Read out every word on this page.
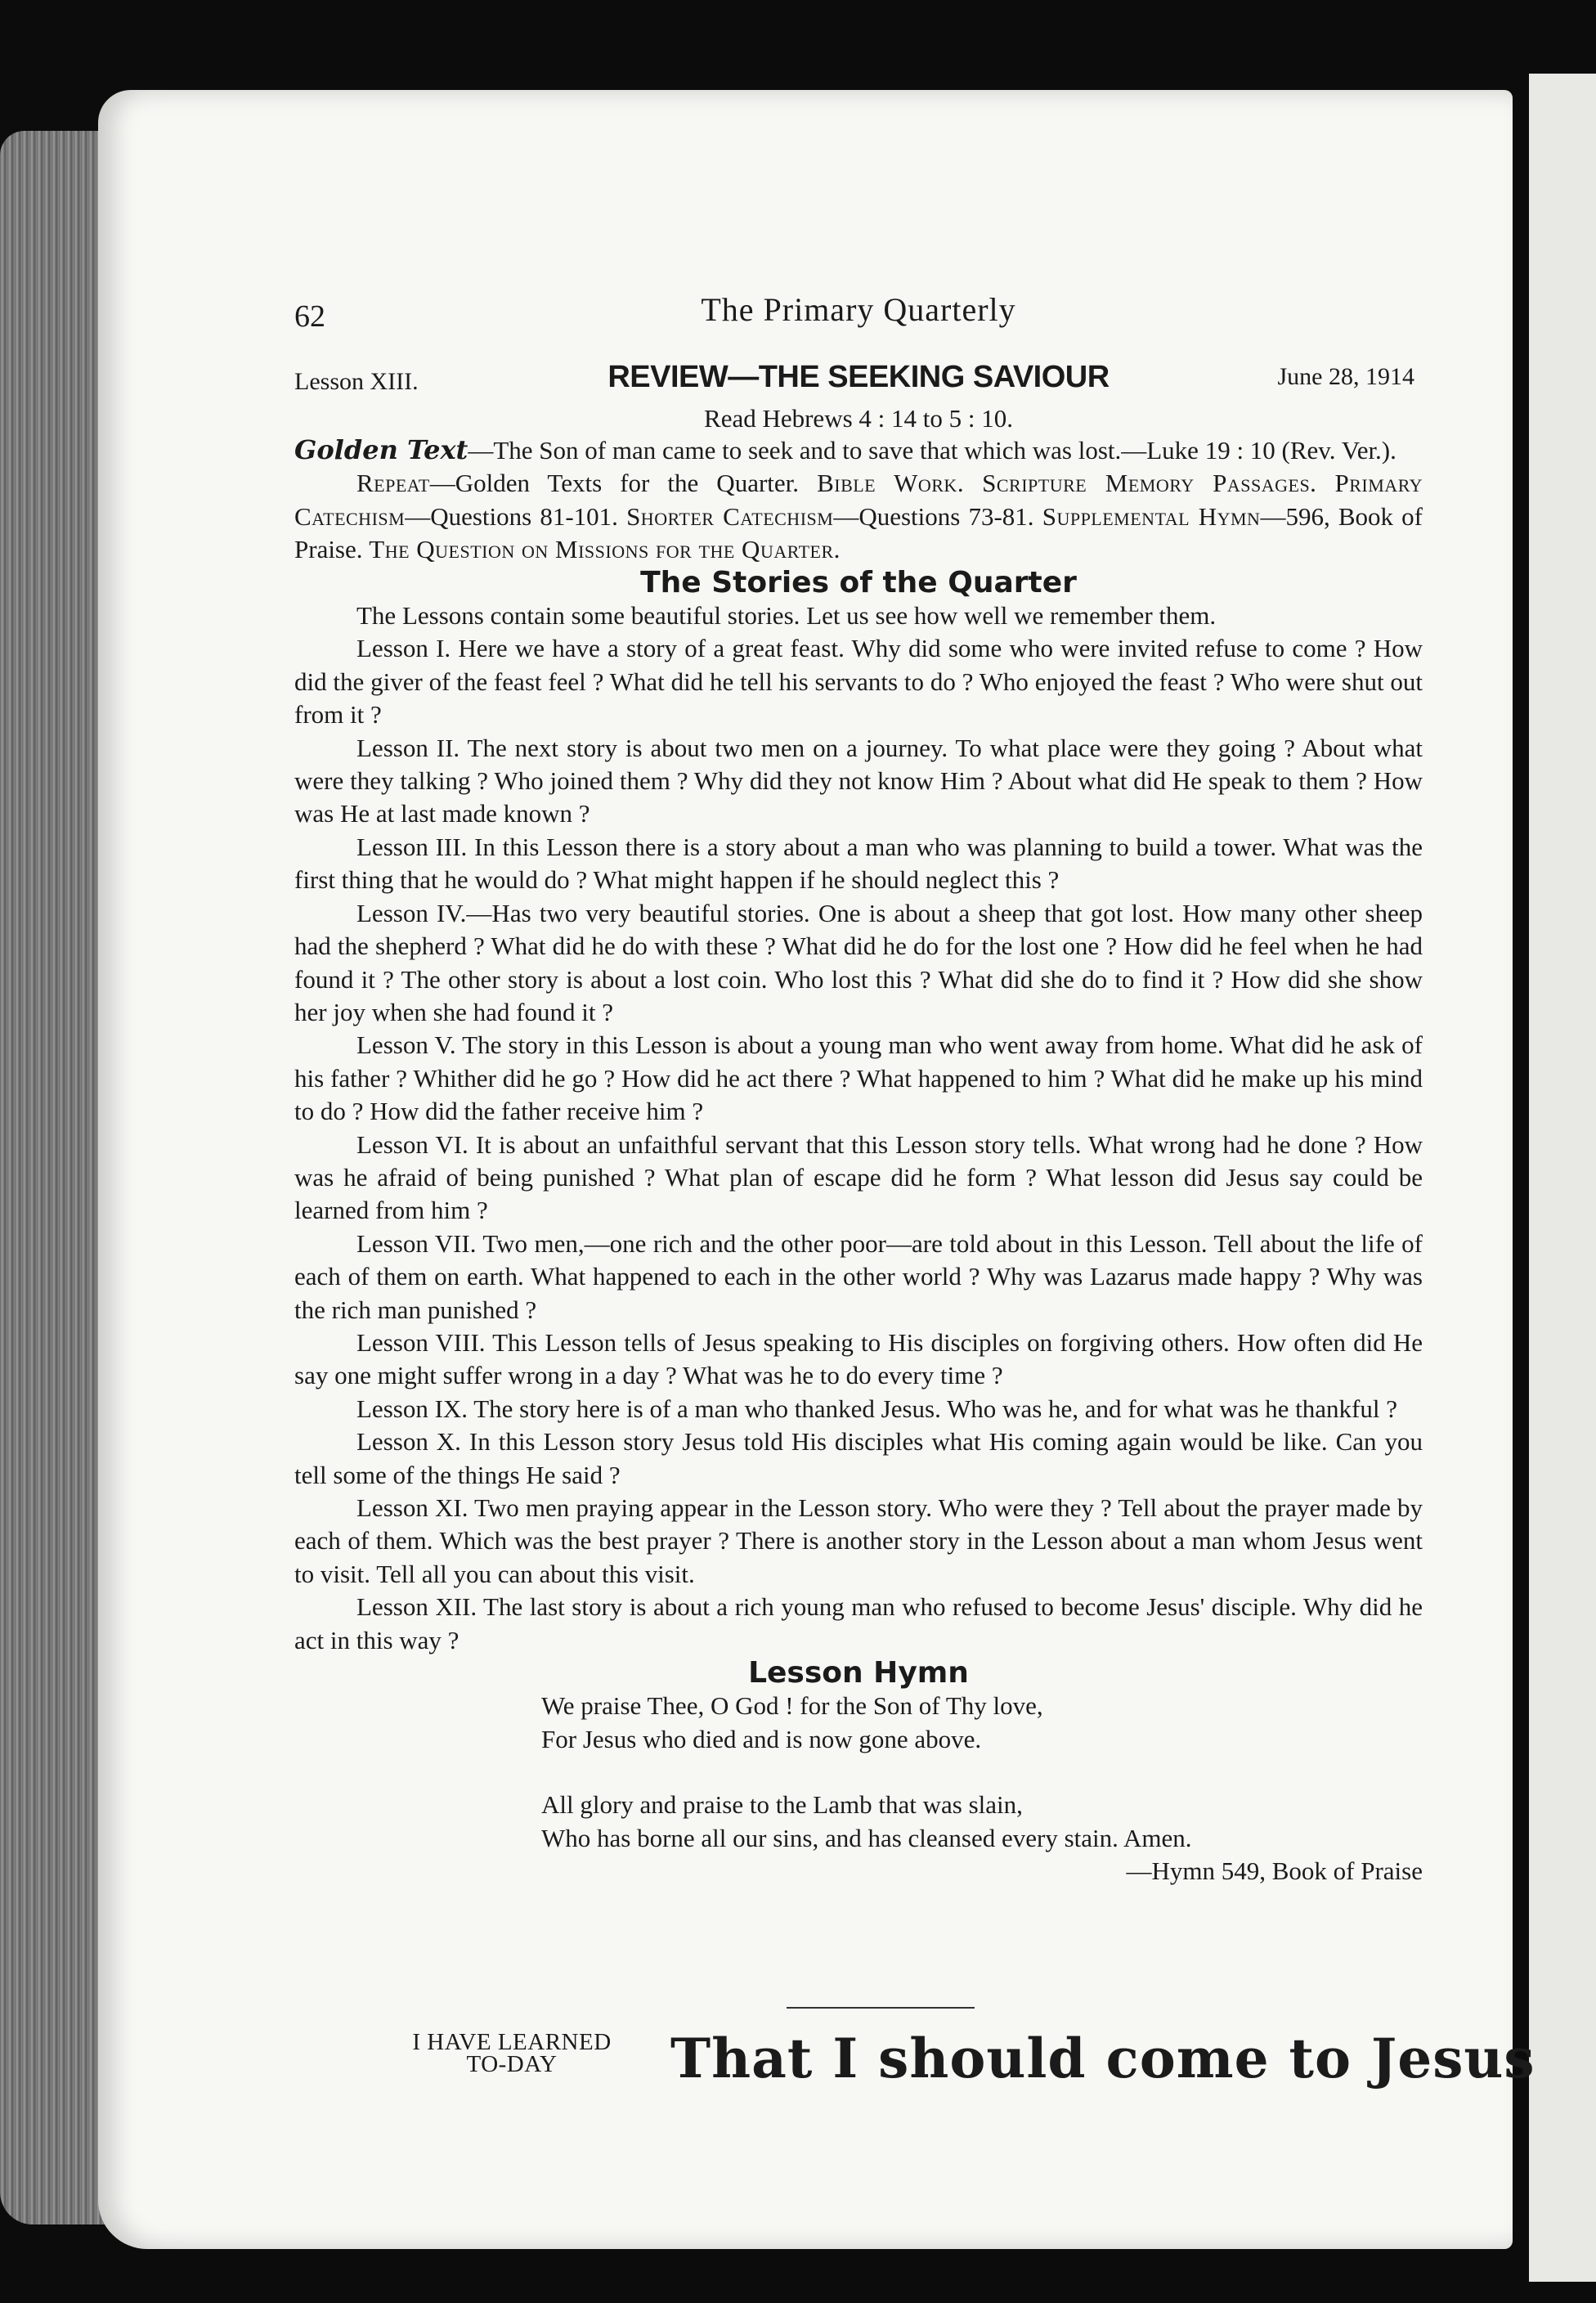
62	The Primary Quarterly
Lesson XIII.	REVIEW—THE SEEKING SAVIOUR	June 28, 1914
Read Hebrews 4 : 14 to 5 : 10.

Golden Text—The Son of man came to seek and to save that which was lost.—Luke 19 : 10 (Rev. Ver.).

Repeat—Golden Texts for the Quarter. Bible Work. Scripture Memory Passages. Primary Catechism—Questions 81-101. Shorter Catechism—Questions 73-81. Supplemental Hymn—596, Book of Praise. The Question on Missions for the Quarter.

The Stories of the Quarter

The Lessons contain some beautiful stories. Let us see how well we remember them.

Lesson I. Here we have a story of a great feast. Why did some who were invited refuse to come ? How did the giver of the feast feel ? What did he tell his servants to do ? Who enjoyed the feast ? Who were shut out from it ?

Lesson II. The next story is about two men on a journey. To what place were they going ? About what were they talking ? Who joined them ? Why did they not know Him ? About what did He speak to them ? How was He at last made known ?

Lesson III. In this Lesson there is a story about a man who was planning to build a tower. What was the first thing that he would do ? What might happen if he should neglect this ?

Lesson IV.—Has two very beautiful stories. One is about a sheep that got lost. How many other sheep had the shepherd ? What did he do with these ? What did he do for the lost one ? How did he feel when he had found it ? The other story is about a lost coin. Who lost this ? What did she do to find it ? How did she show her joy when she had found it ?

Lesson V. The story in this Lesson is about a young man who went away from home. What did he ask of his father ? Whither did he go ? How did he act there ? What happened to him ? What did he make up his mind to do ? How did the father receive him ?

Lesson VI. It is about an unfaithful servant that this Lesson story tells. What wrong had he done ? How was he afraid of being punished ? What plan of escape did he form ? What lesson did Jesus say could be learned from him ?

Lesson VII. Two men,—one rich and the other poor—are told about in this Lesson. Tell about the life of each of them on earth. What happened to each in the other world ? Why was Lazarus made happy ? Why was the rich man punished ?

Lesson VIII. This Lesson tells of Jesus speaking to His disciples on forgiving others. How often did He say one might suffer wrong in a day ? What was he to do every time ?

Lesson IX. The story here is of a man who thanked Jesus. Who was he, and for what was he thankful ?

Lesson X. In this Lesson story Jesus told His disciples what His coming again would be like. Can you tell some of the things He said ?

Lesson XI. Two men praying appear in the Lesson story. Who were they ? Tell about the prayer made by each of them. Which was the best prayer ? There is another story in the Lesson about a man whom Jesus went to visit. Tell all you can about this visit.

Lesson XII. The last story is about a rich young man who refused to become Jesus' disciple. Why did he act in this way ?

Lesson Hymn

We praise Thee, O God ! for the Son of Thy love,
For Jesus who died and is now gone above.
All glory and praise to the Lamb that was slain,
Who has borne all our sins, and has cleansed every stain. Amen.

—Hymn 549, Book of Praise

I HAVE LEARNED
TO-DAY	That I should come to Jesus
